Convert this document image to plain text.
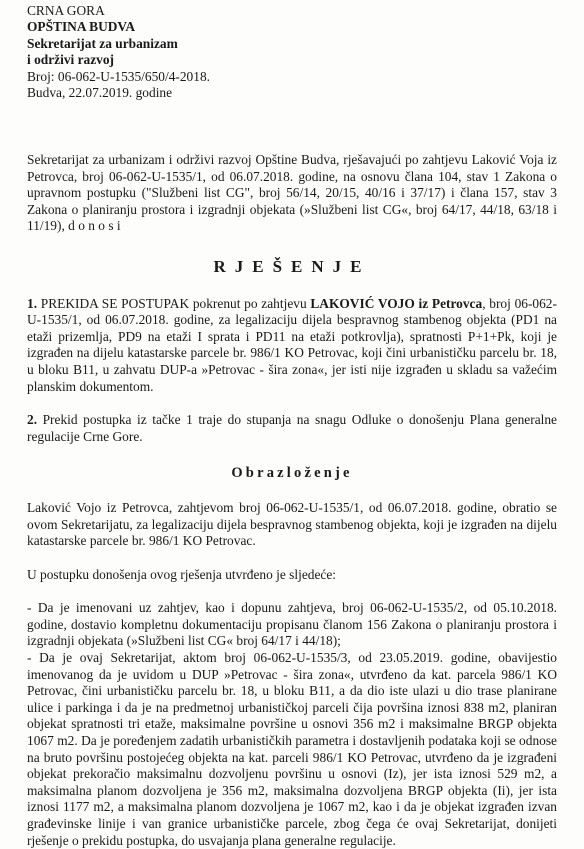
CRNA GORA
OPŠTINA BUDVA
Sekretarijat za urbanizam
i održivi razvoj
Broj: 06-062-U-1535/650/4-2018.
Budva, 22.07.2019. godine

Sekretarijat za urbanizam i održivi razvoj Opštine Budva, rješavajući po zahtjevu Laković Voja iz Petrovca, broj 06-062-U-1535/1, od 06.07.2018. godine, na osnovu člana 104, stav 1 Zakona o upravnom postupku ("Službeni list CG", broj 56/14, 20/15, 40/16 i 37/17) i člana 157, stav 3 Zakona o planiranju prostora i izgradnji objekata (»Službeni list CG«, broj 64/17, 44/18, 63/18 i 11/19), d o n o s i

RJEŠENJE

1. PREKIDA SE POSTUPAK pokrenut po zahtjevu LAKOVIĆ VOJO iz Petrovca, broj 06-062-U-1535/1, od 06.07.2018. godine, za legalizaciju dijela bespravnog stambenog objekta (PD1 na etaži prizemlja, PD9 na etaži I sprata i PD11 na etaži potkrovlja), spratnosti P+1+Pk, koji je izgrađen na dijelu katastarske parcele br. 986/1 KO Petrovac, koji čini urbanističku parcelu br. 18, u bloku B11, u zahvatu DUP-a »Petrovac - šira zona«, jer isti nije izgrađen u skladu sa važećim planskim dokumentom.

2. Prekid postupka iz tačke 1 traje do stupanja na snagu Odluke o donošenju Plana generalne regulacije Crne Gore.

Obrazloženje

Laković Vojo iz Petrovca, zahtjevom broj 06-062-U-1535/1, od 06.07.2018. godine, obratio se ovom Sekretarijatu, za legalizaciju dijela bespravnog stambenog objekta, koji je izgrađen na dijelu katastarske parcele br. 986/1 KO Petrovac.

U postupku donošenja ovog rješenja utvrđeno je sljedeće:

- Da je imenovani uz zahtjev, kao i dopunu zahtjeva, broj 06-062-U-1535/2, od 05.10.2018. godine, dostavio kompletnu dokumentaciju propisanu članom 156 Zakona o planiranju prostora i izgradnji objekata (»Službeni list CG« broj 64/17 i 44/18);

- Da je ovaj Sekretarijat, aktom broj 06-062-U-1535/3, od 23.05.2019. godine, obavijestio imenovanog da je uvidom u DUP »Petrovac - šira zona«, utvrđeno da kat. parcela 986/1 KO Petrovac, čini urbanističku parcelu br. 18, u bloku B11, a da dio iste ulazi u dio trase planirane ulice i parkinga i da je na predmetnoj urbanističkoj parceli čija površina iznosi 838 m2, planiran objekat spratnosti tri etaže, maksimalne površine u osnovi 356 m2 i maksimalne BRGP objekta 1067 m2. Da je poređenjem zadatih urbanističkih parametra i dostavljenih podataka koji se odnose na bruto površinu postojećeg objekta na kat. parceli 986/1 KO Petrovac, utvrđeno da je izgrađeni objekat prekoračio maksimalnu dozvoljenu površinu u osnovi (Iz), jer ista iznosi 529 m2, a maksimalna planom dozvoljena je 356 m2, maksimalna dozvoljena BRGP objekta (Ii), jer ista iznosi 1177 m2, a maksimalna planom dozvoljena je 1067 m2, kao i da je objekat izgrađen izvan građevinske linije i van granice urbanističke parcele, zbog čega će ovaj Sekretarijat, donijeti rješenje o prekidu postupka, do usvajanja plana generalne regulacije.
